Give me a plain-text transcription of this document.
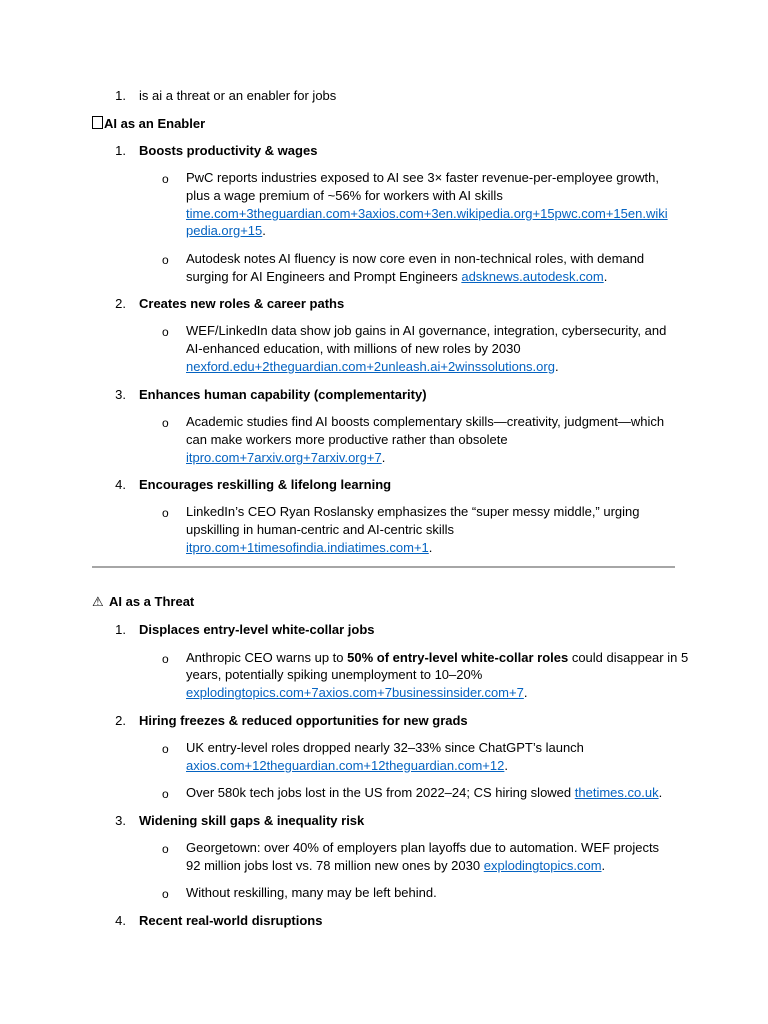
1. is ai a threat or an enabler for jobs
AI as an Enabler
1. Boosts productivity & wages
o PwC reports industries exposed to AI see 3× faster revenue-per-employee growth,
plus a wage premium of ~56% for workers with AI skills
time.com+3theguardian.com+3axios.com+3en.wikipedia.org+15pwc.com+15en.wiki
pedia.org+15.
o Autodesk notes AI fluency is now core even in non-technical roles, with demand
surging for AI Engineers and Prompt Engineers adsknews.autodesk.com.
2. Creates new roles & career paths
o WEF/LinkedIn data show job gains in AI governance, integration, cybersecurity, and
AI-enhanced education, with millions of new roles by 2030
nexford.edu+2theguardian.com+2unleash.ai+2winssolutions.org.
3. Enhances human capability (complementarity)
o Academic studies find AI boosts complementary skills—creativity, judgment—which
can make workers more productive rather than obsolete
itpro.com+7arxiv.org+7arxiv.org+7.
4. Encourages reskilling & lifelong learning
o LinkedIn’s CEO Ryan Roslansky emphasizes the “super messy middle,” urging
upskilling in human-centric and AI-centric skills
itpro.com+1timesofindia.indiatimes.com+1.
⚠ AI as a Threat
1. Displaces entry-level white-collar jobs
o Anthropic CEO warns up to 50% of entry-level white-collar roles could disappear in 5
years, potentially spiking unemployment to 10–20%
explodingtopics.com+7axios.com+7businessinsider.com+7.
2. Hiring freezes & reduced opportunities for new grads
o UK entry-level roles dropped nearly 32–33% since ChatGPT’s launch
axios.com+12theguardian.com+12theguardian.com+12.
o Over 580k tech jobs lost in the US from 2022–24; CS hiring slowed thetimes.co.uk.
3. Widening skill gaps & inequality risk
o Georgetown: over 40% of employers plan layoffs due to automation. WEF projects
92 million jobs lost vs. 78 million new ones by 2030 explodingtopics.com.
o Without reskilling, many may be left behind.
4. Recent real-world disruptions
